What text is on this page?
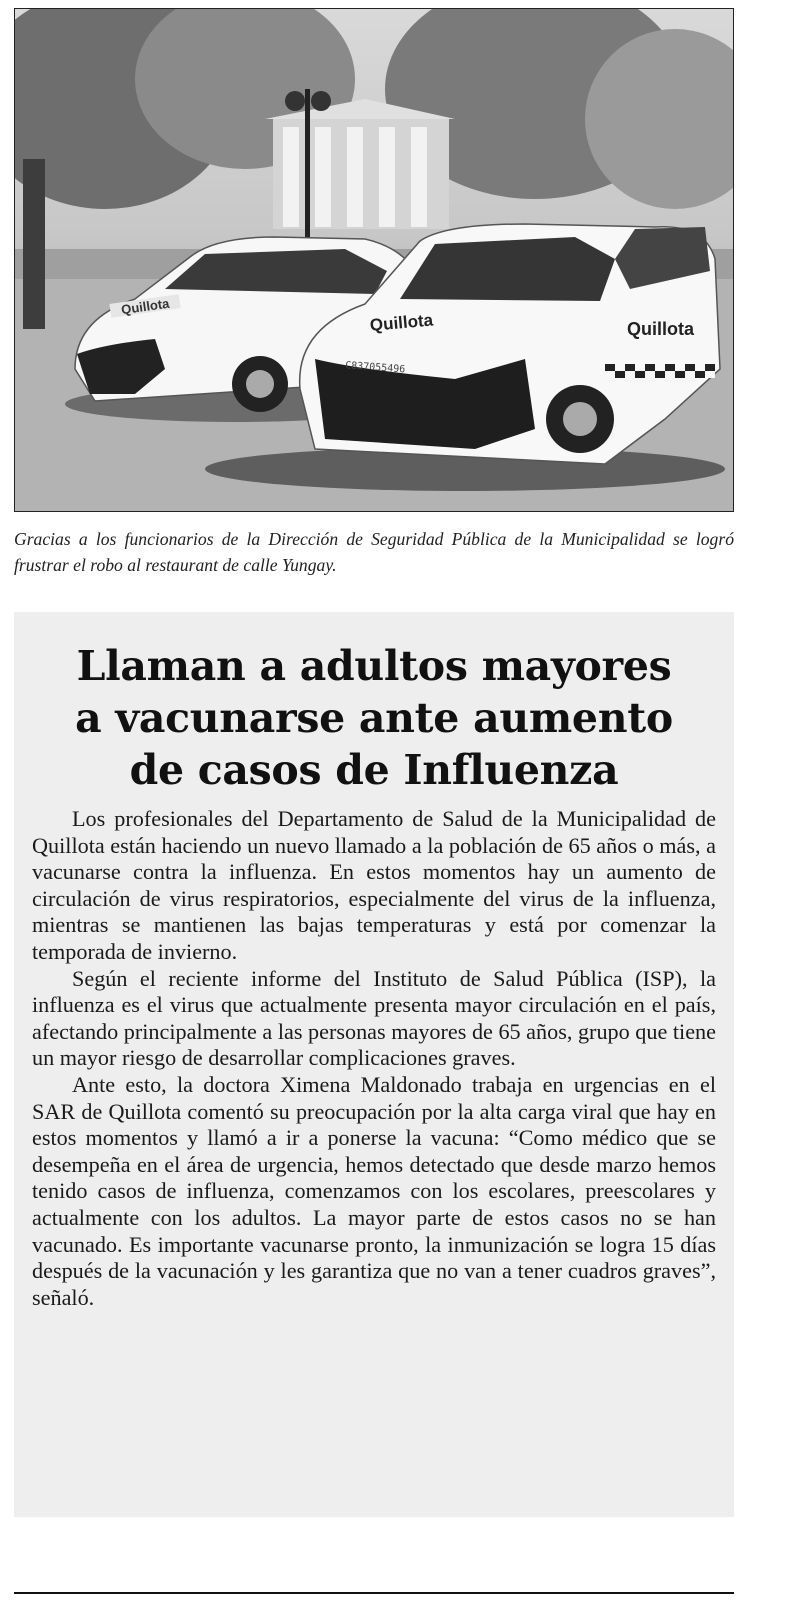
Quillota
Quillota	Quillota
C837055496
Gracias a los funcionarios de la Dirección de Seguridad Pública de la Municipalidad se logró frustrar el robo al restaurant de calle Yungay.
Llaman a adultos mayores
a vacunarse ante aumento
de casos de Influenza

Los profesionales del Departamento de Salud de la Municipalidad de Quillota están haciendo un nuevo llamado a la población de 65 años o más, a vacunarse contra la influenza. En estos momentos hay un aumento de circulación de virus respiratorios, especialmente del virus de la influenza, mientras se mantienen las bajas temperaturas y está por comenzar la temporada de invierno.

Según el reciente informe del Instituto de Salud Pública (ISP), la influenza es el virus que actualmente presenta mayor circulación en el país, afectando principalmente a las personas mayores de 65 años, grupo que tiene un mayor riesgo de desarrollar complicaciones graves.

Ante esto, la doctora Ximena Maldonado trabaja en urgencias en el SAR de Quillota comentó su preocupación por la alta carga viral que hay en estos momentos y llamó a ir a ponerse la vacuna: “Como médico que se desempeña en el área de urgencia, hemos detectado que desde marzo hemos tenido casos de influenza, comenzamos con los escolares, preescolares y actualmente con los adultos. La mayor parte de estos casos no se han vacunado. Es importante vacunarse pronto, la inmunización se logra 15 días después de la vacunación y les garantiza que no van a tener cuadros graves”, señaló.
